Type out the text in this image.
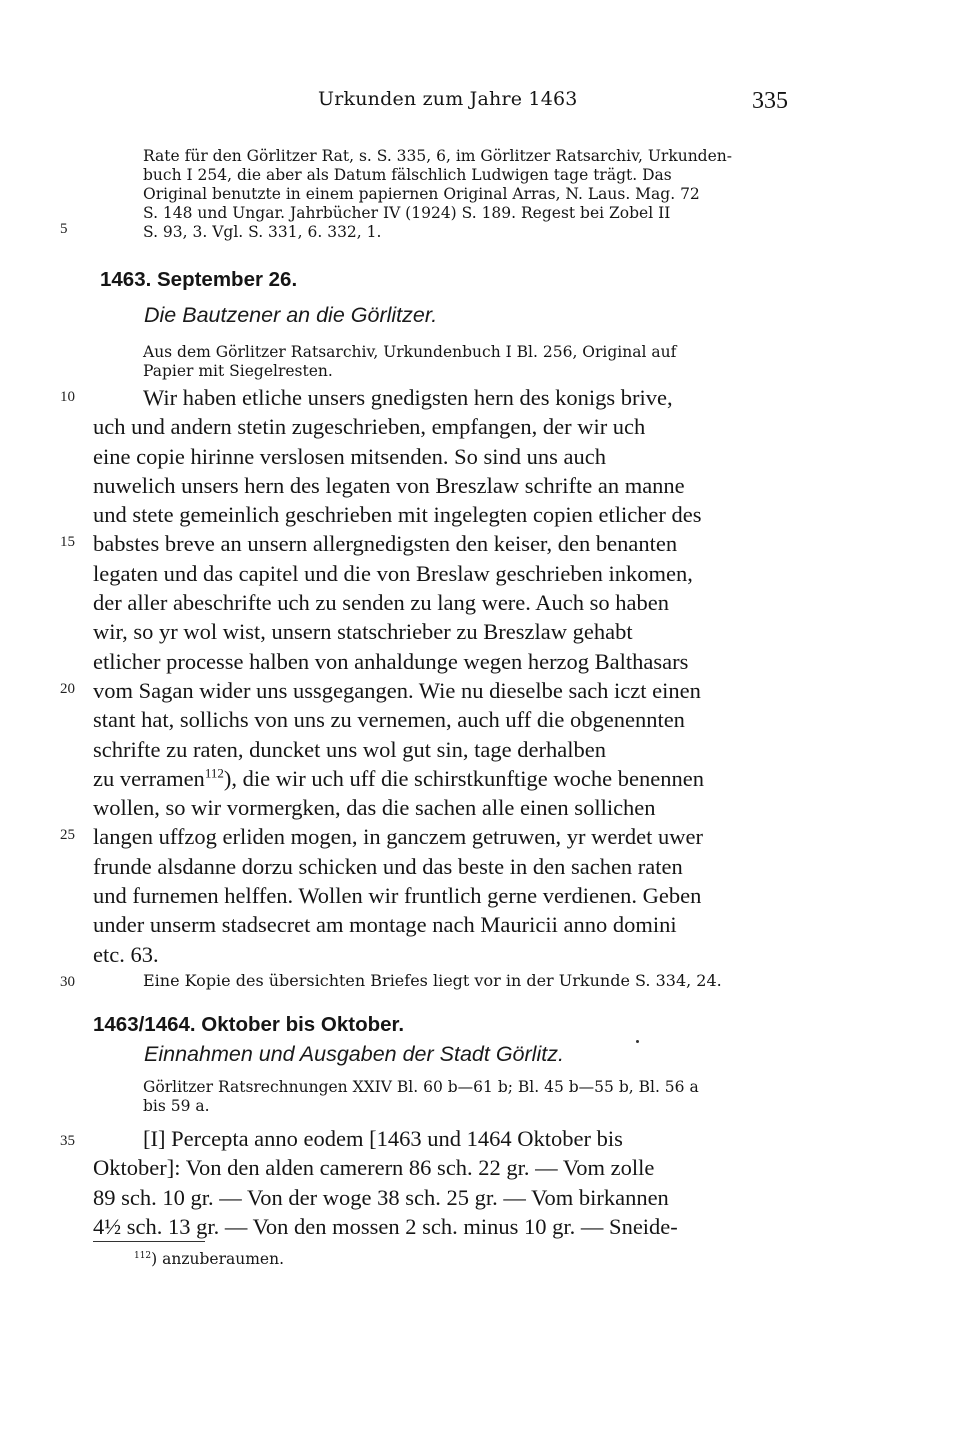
Urkunden zum Jahre 1463	335
5
10
15
20
25
30
35

Rate für den Görlitzer Rat, s. S. 335, 6, im Görlitzer Ratsarchiv, Urkunden-

buch I 254, die aber als Datum fälschlich Ludwigen tage trägt. Das

Original benutzte in einem papiernen Original Arras, N. Laus. Mag. 72

S. 148 und Ungar. Jahrbücher IV (1924) S. 189. Regest bei Zobel II

S. 93, 3. Vgl. S. 331, 6. 332, 1.

1463. September 26.
Die Bautzener an die Görlitzer.

Aus dem Görlitzer Ratsarchiv, Urkundenbuch I Bl. 256, Original auf

Papier mit Siegelresten.

Wir haben etliche unsers gnedigsten hern des konigs brive,

uch und andern stetin zugeschrieben, empfangen, der wir uch

eine copie hirinne verslosen mitsenden. So sind uns auch

nuwelich unsers hern des legaten von Breszlaw schrifte an manne

und stete gemeinlich geschrieben mit ingelegten copien etlicher des

babstes breve an unsern allergnedigsten den keiser, den benanten

legaten und das capitel und die von Breslaw geschrieben inkomen,

der aller abeschrifte uch zu senden zu lang were. Auch so haben

wir, so yr wol wist, unsern statschrieber zu Breszlaw gehabt

etlicher processe halben von anhaldunge wegen herzog Balthasars

vom Sagan wider uns ussgegangen. Wie nu dieselbe sach iczt einen

stant hat, sollichs von uns zu vernemen, auch uff die obgenennten

schrifte zu raten, duncket uns wol gut sin, tage derhalben

zu verramen$^{112}$), die wir uch uff die schirstkunftige woche benennen

wollen, so wir vormergken, das die sachen alle einen sollichen

langen uffzog erliden mogen, in ganczem getruwen, yr werdet uwer

frunde alsdanne dorzu schicken und das beste in den sachen raten

und furnemen helffen. Wollen wir fruntlich gerne verdienen. Geben

under unserm stadsecret am montage nach Mauricii anno domini

etc. 63.

Eine Kopie des übersichten Briefes liegt vor in der Urkunde S. 334, 24.
1463/1464. Oktober bis Oktober.
Einnahmen und Ausgaben der Stadt Görlitz.

Görlitzer Ratsrechnungen XXIV Bl. 60 b—61 b; Bl. 45 b—55 b, Bl. 56 a

bis 59 a.

[I] Percepta anno eodem [1463 und 1464 Oktober bis

Oktober]: Von den alden camerern 86 sch. 22 gr. — Vom zolle

89 sch. 10 gr. — Von der woge 38 sch. 25 gr. — Vom birkannen

4½ sch. 13 gr. — Von den mossen 2 sch. minus 10 gr. — Sneide-

$^{112}$) anzuberaumen.
